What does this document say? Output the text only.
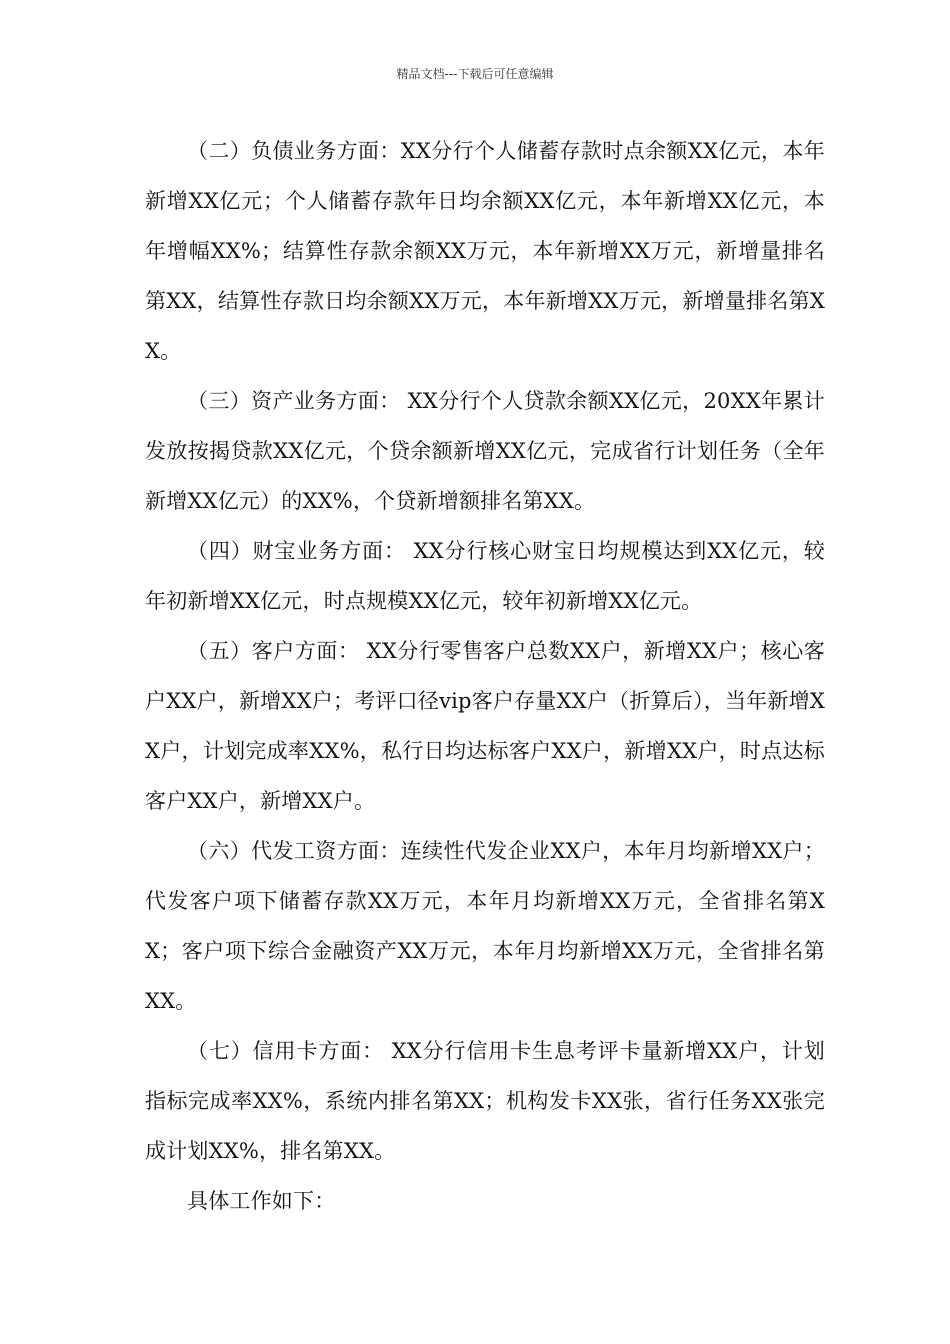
精品文档---下载后可任意编辑

（二）负债业务方面：XX分行个人储蓄存款时点余额XX亿元，本年新增XX亿元；个人储蓄存款年日均余额XX亿元，本年新增XX亿元，本年增幅XX%；结算性存款余额XX万元，本年新增XX万元，新增量排名第XX，结算性存款日均余额XX万元，本年新增XX万元，新增量排名第XX。

（三）资产业务方面： XX分行个人贷款余额XX亿元，20XX年累计发放按揭贷款XX亿元，个贷余额新增XX亿元，完成省行计划任务（全年新增XX亿元）的XX%，个贷新增额排名第XX。

（四）财宝业务方面： XX分行核心财宝日均规模达到XX亿元，较年初新增XX亿元，时点规模XX亿元，较年初新增XX亿元。

（五）客户方面： XX分行零售客户总数XX户，新增XX户；核心客户XX户，新增XX户；考评口径vip客户存量XX户（折算后），当年新增XX户，计划完成率XX%，私行日均达标客户XX户，新增XX户，时点达标客户XX户，新增XX户。

（六）代发工资方面：连续性代发企业XX户，本年月均新增XX户；代发客户项下储蓄存款XX万元，本年月均新增XX万元，全省排名第XX；客户项下综合金融资产XX万元，本年月均新增XX万元，全省排名第XX。

（七）信用卡方面： XX分行信用卡生息考评卡量新增XX户，计划指标完成率XX%，系统内排名第XX；机构发卡XX张，省行任务XX张完成计划XX%，排名第XX。

具体工作如下：
